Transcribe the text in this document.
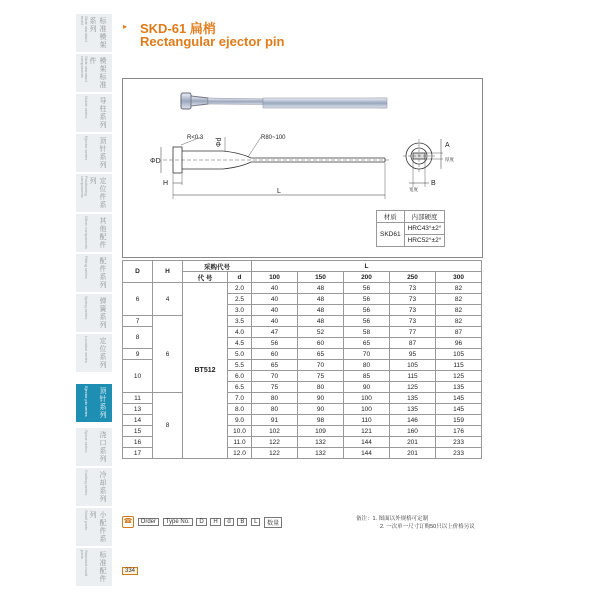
Slide standard mold	标准模架系列
Slide standard components	模架标准件
Guide series	导柱系列
Ejector series	顶针系列
Positioning components	定位件系列
Other components	其他配件
Fitting series	配件系列
Spring series	弹簧系列
Location series	定位系列
Ejector pin series	顶针系列
Sprue series	浇口系列
Cooling series	冷却系列
Small parts	小配件系列
Standard mold parts	标准配件	334
▸ SKD-61 扁梢
Rectangular ejector pin
R<0.3	R80~100
ΦD
Φd
H
L
A
厚度
B
宽度
材质	内部硬度
SKD61	HRC43°±2°
	HRC52°±2°
D	H	采购代号		L				
		代 号	d	100	150	200	250	300
6	4	BT512	2.0	40	48	56	73	82
			2.5	40	48	56	73	82
			3.0	40	48	56	73	82
7	6		3.5	40	48	56	73	82
8			4.0	47	52	58	77	87
			4.5	56	60	65	87	96
9			5.0	60	65	70	95	105
10			5.5	65	70	80	105	115
			6.0	70	75	85	115	125
			6.5	75	80	90	125	135
11	8		7.0	80	90	100	135	145
13			8.0	80	90	100	135	145
14			9.0	91	98	110	146	159
15			10.0	102	109	121	160	176
16			11.0	122	132	144	201	233
17			12.0	122	132	144	201	233
☎ Order Type No. D H d B L 数量
备注：1. 图面以外规格可定制
2. 一次单一尺寸订购50只以上价格另议
